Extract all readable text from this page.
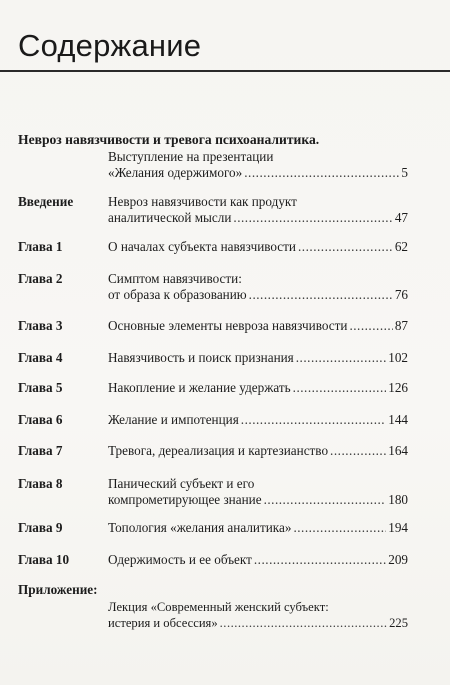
Содержание
Невроз навязчивости и тревога психоаналитика.
Выступление на презентации
«Желания одержимого» .....	5
Введение	Невроз навязчивости как продукт
аналитической мысли .....	47
Глава 1	О началах субъекта навязчивости .....	62
Глава 2	Симптом навязчивости:
от образа к образованию .....	76
Глава 3	Основные элементы невроза навязчивости .....	87
Глава 4	Навязчивость и поиск признания .....	102
Глава 5	Накопление и желание удержать .....	126
Глава 6	Желание и импотенция .....	144
Глава 7	Тревога, дереализация и картезианство .....	164
Глава 8	Панический субъект и его
компрометирующее знание .....	180
Глава 9	Топология «желания аналитика» .....	194
Глава 10	Одержимость и ее объект .....	209
Приложение:
Лекция «Современный женский субъект:
истерия и обсессия» .....	225
